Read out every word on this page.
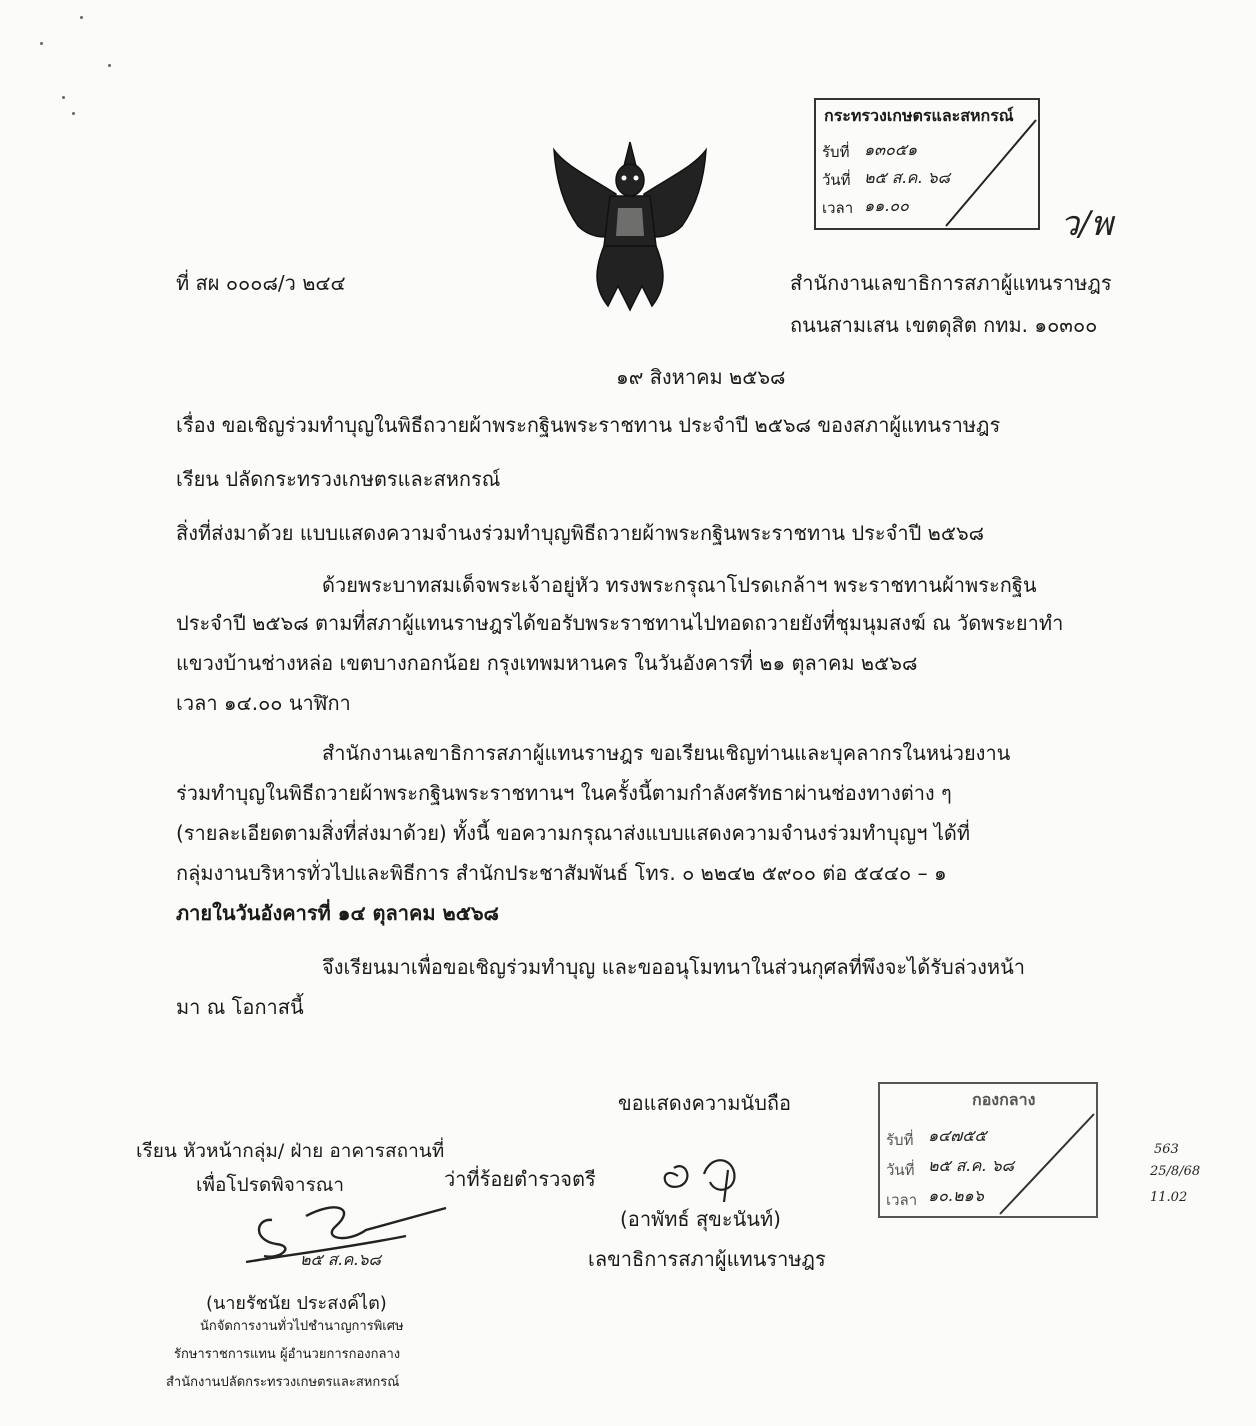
กระทรวงเกษตรและสหกรณ์
รับที่ ๑๓๐๕๑
วันที่ ๒๕ ส.ค. ๖๘
เวลา ๑๑.๐๐	ว/พ
ที่ สผ ๐๐๐๘/ว ๒๔๔	สำนักงานเลขาธิการสภาผู้แทนราษฎร
ถนนสามเสน เขตดุสิต กทม. ๑๐๓๐๐
๑๙ สิงหาคม ๒๕๖๘
เรื่อง ขอเชิญร่วมทำบุญในพิธีถวายผ้าพระกฐินพระราชทาน ประจำปี ๒๕๖๘ ของสภาผู้แทนราษฎร
เรียน ปลัดกระทรวงเกษตรและสหกรณ์
สิ่งที่ส่งมาด้วย แบบแสดงความจำนงร่วมทำบุญพิธีถวายผ้าพระกฐินพระราชทาน ประจำปี ๒๕๖๘
ด้วยพระบาทสมเด็จพระเจ้าอยู่หัว ทรงพระกรุณาโปรดเกล้าฯ พระราชทานผ้าพระกฐิน
ประจำปี ๒๕๖๘ ตามที่สภาผู้แทนราษฎรได้ขอรับพระราชทานไปทอดถวายยังที่ชุมนุมสงฆ์ ณ วัดพระยาทำ
แขวงบ้านช่างหล่อ เขตบางกอกน้อย กรุงเทพมหานคร ในวันอังคารที่ ๒๑ ตุลาคม ๒๕๖๘
เวลา ๑๔.๐๐ นาฬิกา
สำนักงานเลขาธิการสภาผู้แทนราษฎร ขอเรียนเชิญท่านและบุคลากรในหน่วยงาน
ร่วมทำบุญในพิธีถวายผ้าพระกฐินพระราชทานฯ ในครั้งนี้ตามกำลังศรัทธาผ่านช่องทางต่าง ๆ
(รายละเอียดตามสิ่งที่ส่งมาด้วย) ทั้งนี้ ขอความกรุณาส่งแบบแสดงความจำนงร่วมทำบุญฯ ได้ที่
กลุ่มงานบริหารทั่วไปและพิธีการ สำนักประชาสัมพันธ์ โทร. ๐ ๒๒๔๒ ๕๙๐๐ ต่อ ๕๔๔๐ – ๑
ภายในวันอังคารที่ ๑๔ ตุลาคม ๒๕๖๘
จึงเรียนมาเพื่อขอเชิญร่วมทำบุญ และขออนุโมทนาในส่วนกุศลที่พึงจะได้รับล่วงหน้า
มา ณ โอกาสนี้
ขอแสดงความนับถือ
ว่าที่ร้อยตำรวจตรี
(อาพัทธ์ สุขะนันท์)
เลขาธิการสภาผู้แทนราษฎร
เรียน หัวหน้ากลุ่ม/ ฝ่าย อาคารสถานที่
เพื่อโปรดพิจารณา
๒๕ ส.ค.๖๘
(นายรัชนัย ประสงค์ไต)
นักจัดการงานทั่วไปชำนาญการพิเศษ
รักษาราชการแทน ผู้อำนวยการกองกลาง
สำนักงานปลัดกระทรวงเกษตรและสหกรณ์
กองกลาง
รับที่ ๑๔๗๕๕
วันที่ ๒๕ ส.ค. ๖๘
เวลา ๑๐.๒๑๖
563
25/8/68
11.02
